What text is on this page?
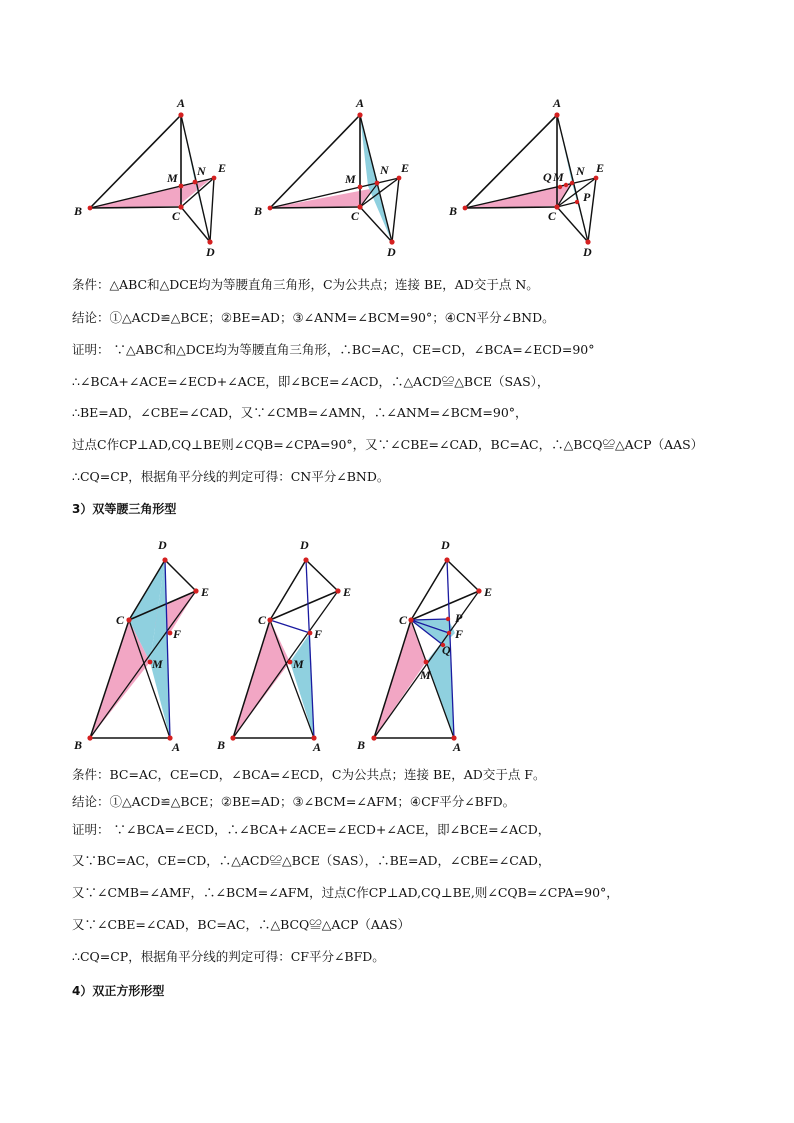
A
B	C
D
E
M N
A
B	C
D
E
M
N
A
B	C
D
E
Q M N
P
条件：△ABC和△DCE均为等腰直角三角形，C为公共点；连接 BE，AD交于点 N。
结论：①△ACD≌△BCE；②BE=AD；③∠ANM=∠BCM=90°；④CN平分∠BND。
证明： ∵△ABC和△DCE均为等腰直角三角形，∴BC=AC，CE=CD，∠BCA=∠ECD=90°
∴∠BCA+∠ACE=∠ECD+∠ACE，即∠BCE=∠ACD，∴△ACD≌△BCE（SAS），
∴BE=AD，∠CBE=∠CAD，又∵∠CMB=∠AMN，∴∠ANM=∠BCM=90°，
过点C作CP⊥AD,CQ⊥BE则∠CQB=∠CPA=90°，又∵∠CBE=∠CAD，BC=AC，∴△BCQ≌△ACP（AAS）
∴CQ=CP，根据角平分线的判定可得：CN平分∠BND。
3）双等腰三角形型
D
E
C
F
M
B	A
D
E
C
F
M
B	A
D
E
C	P
F
Q
M
B	A
条件：BC=AC，CE=CD，∠BCA=∠ECD，C为公共点；连接 BE，AD交于点 F。
结论：①△ACD≌△BCE；②BE=AD；③∠BCM=∠AFM；④CF平分∠BFD。
证明： ∵∠BCA=∠ECD，∴∠BCA+∠ACE=∠ECD+∠ACE，即∠BCE=∠ACD，
又∵BC=AC，CE=CD，∴△ACD≌△BCE（SAS），∴BE=AD，∠CBE=∠CAD，
又∵∠CMB=∠AMF，∴∠BCM=∠AFM，过点C作CP⊥AD,CQ⊥BE,则∠CQB=∠CPA=90°，
又∵∠CBE=∠CAD，BC=AC，∴△BCQ≌△ACP（AAS）
∴CQ=CP，根据角平分线的判定可得：CF平分∠BFD。
4）双正方形形型
